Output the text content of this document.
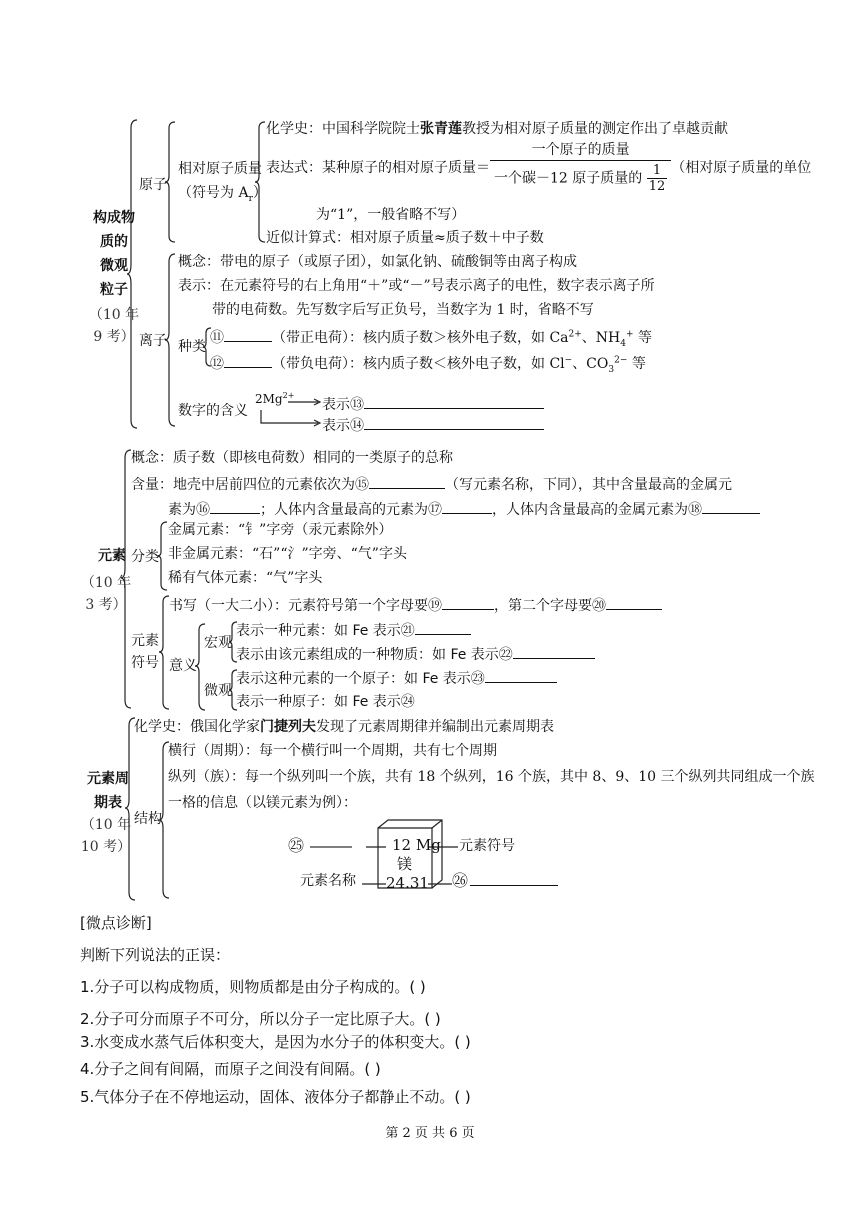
构成物
质的
微观
粒子
（10 年
9 考）
原子
相对原子质量
（符号为 $A_r$）
化学史：中国科学院院士张青莲教授为相对原子质量的测定作出了卓越贡献
表达式：某种原子的相对原子质量＝ $\frac{\text{一个原子的质量}}{一个碳-12 原子质量的 \frac{1}{12}}$ （相对原子质量的单位
为“1”，一般省略不写）
近似计算式：相对原子质量≈质子数＋中子数
离子
概念：带电的原子（或原子团），如氯化钠、硫酸铜等由离子构成
表示：在元素符号的右上角用“＋”或“－”号表示离子的电性，数字表示离子所
带的电荷数。先写数字后写正负号，当数字为 1 时，省略不写
种类
⑪	（带正电荷）：核内质子数＞核外电子数，如 $Ca^{2+}$、$NH_4^+$ 等
⑫	（带负电荷）：核内质子数＜核外电子数，如 Cl−、$CO_3^{2-}$ 等
数字的含义
$2Mg^{2+}$
表示⑬
表示⑭
元素
（10 年
3 考）
概念：质子数（即核电荷数）相同的一类原子的总称
含量：地壳中居前四位的元素依次为⑮	（写元素名称，下同），其中含量最高的金属元
素为⑯	；人体内含量最高的元素为⑰	，人体内含量最高的金属元素为⑱
分类
金属元素：“钅”字旁（汞元素除外）
非金属元素：“石”“氵”字旁、“气”字头
稀有气体元素：“气”字头
元素
符号
书写（一大二小）：元素符号第一个字母要⑲	，第二个字母要⑳
意义
宏观
表示一种元素：如 Fe 表示㉑
表示由该元素组成的一种物质：如 Fe 表示㉒
微观
表示这种元素的一个原子：如 Fe 表示㉓
表示一种原子：如 Fe 表示㉔
元素周
期表
（10 年
10 考）
化学史：俄国化学家门捷列夫发现了元素周期律并编制出元素周期表
结构
横行（周期）：每一个横行叫一个周期，共有七个周期
纵列（族）：每一个纵列叫一个族，共有 18 个纵列，16 个族，其中 8、9、10 三个纵列共同组成一个族
一格的信息（以镁元素为例）：
12 Mg
镁
24.31
㉕	元素符号
元素名称	㉖
[微点诊断]
判断下列说法的正误：
1.分子可以构成物质，则物质都是由分子构成的。( )
2.分子可分而原子不可分，所以分子一定比原子大。( )
3.水变成水蒸气后体积变大，是因为水分子的体积变大。( )
4.分子之间有间隔，而原子之间没有间隔。( )
5.气体分子在不停地运动，固体、液体分子都静止不动。( )
第 2 页 共 6 页
